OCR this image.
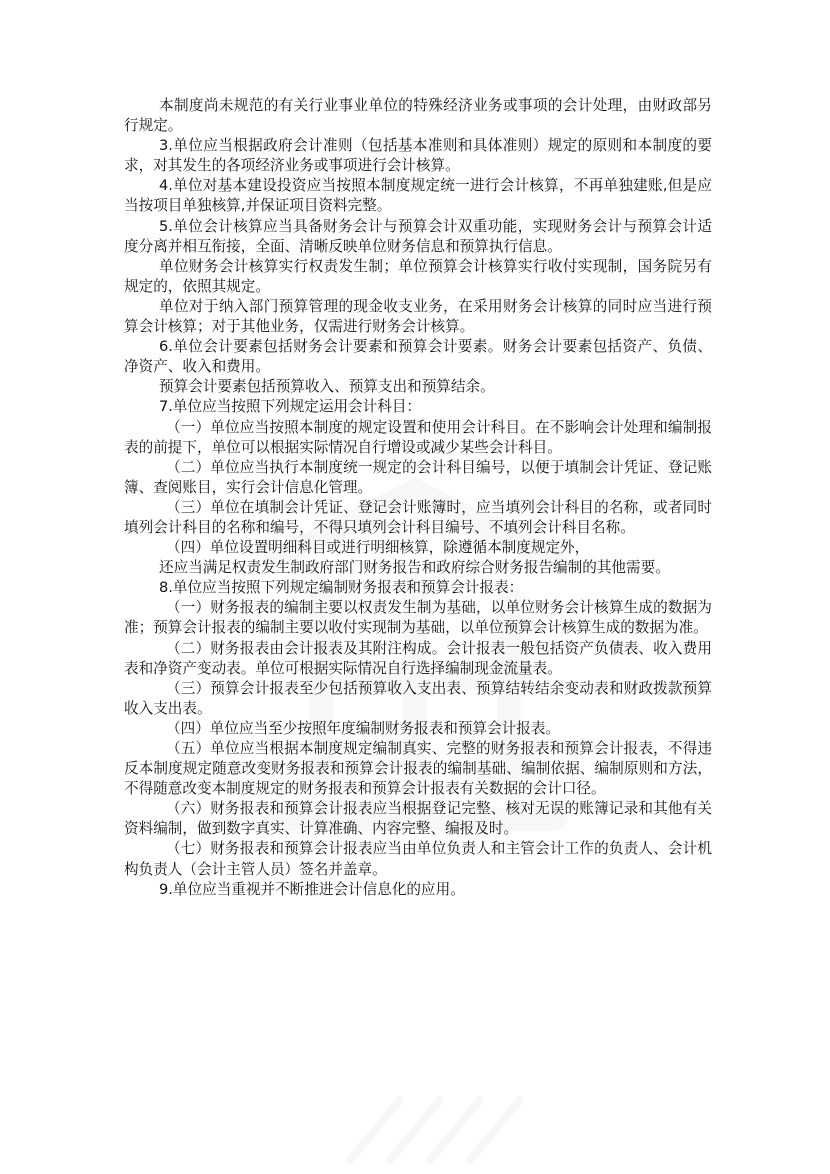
本制度尚未规范的有关行业事业单位的特殊经济业务或事项的会计处理，由财政部另行规定。

3.单位应当根据政府会计准则（包括基本准则和具体准则）规定的原则和本制度的要求，对其发生的各项经济业务或事项进行会计核算。

4.单位对基本建设投资应当按照本制度规定统一进行会计核算，不再单独建账,但是应当按项目单独核算,并保证项目资料完整。

5.单位会计核算应当具备财务会计与预算会计双重功能，实现财务会计与预算会计适度分离并相互衔接，全面、清晰反映单位财务信息和预算执行信息。

单位财务会计核算实行权责发生制；单位预算会计核算实行收付实现制，国务院另有规定的，依照其规定。

单位对于纳入部门预算管理的现金收支业务，在采用财务会计核算的同时应当进行预算会计核算；对于其他业务，仅需进行财务会计核算。

6.单位会计要素包括财务会计要素和预算会计要素。财务会计要素包括资产、负债、净资产、收入和费用。

预算会计要素包括预算收入、预算支出和预算结余。

7.单位应当按照下列规定运用会计科目：

（一）单位应当按照本制度的规定设置和使用会计科目。在不影响会计处理和编制报表的前提下，单位可以根据实际情况自行增设或减少某些会计科目。

（二）单位应当执行本制度统一规定的会计科目编号，以便于填制会计凭证、登记账簿、查阅账目，实行会计信息化管理。

（三）单位在填制会计凭证、登记会计账簿时，应当填列会计科目的名称，或者同时填列会计科目的名称和编号，不得只填列会计科目编号、不填列会计科目名称。

（四）单位设置明细科目或进行明细核算，除遵循本制度规定外，

还应当满足权责发生制政府部门财务报告和政府综合财务报告编制的其他需要。

8.单位应当按照下列规定编制财务报表和预算会计报表：

（一）财务报表的编制主要以权责发生制为基础，以单位财务会计核算生成的数据为准；预算会计报表的编制主要以收付实现制为基础，以单位预算会计核算生成的数据为准。

（二）财务报表由会计报表及其附注构成。会计报表一般包括资产负债表、收入费用表和净资产变动表。单位可根据实际情况自行选择编制现金流量表。

（三）预算会计报表至少包括预算收入支出表、预算结转结余变动表和财政拨款预算收入支出表。

（四）单位应当至少按照年度编制财务报表和预算会计报表。

（五）单位应当根据本制度规定编制真实、完整的财务报表和预算会计报表，不得违反本制度规定随意改变财务报表和预算会计报表的编制基础、编制依据、编制原则和方法，不得随意改变本制度规定的财务报表和预算会计报表有关数据的会计口径。

（六）财务报表和预算会计报表应当根据登记完整、核对无误的账簿记录和其他有关资料编制，做到数字真实、计算准确、内容完整、编报及时。

（七）财务报表和预算会计报表应当由单位负责人和主管会计工作的负责人、会计机构负责人（会计主管人员）签名并盖章。

9.单位应当重视并不断推进会计信息化的应用。
